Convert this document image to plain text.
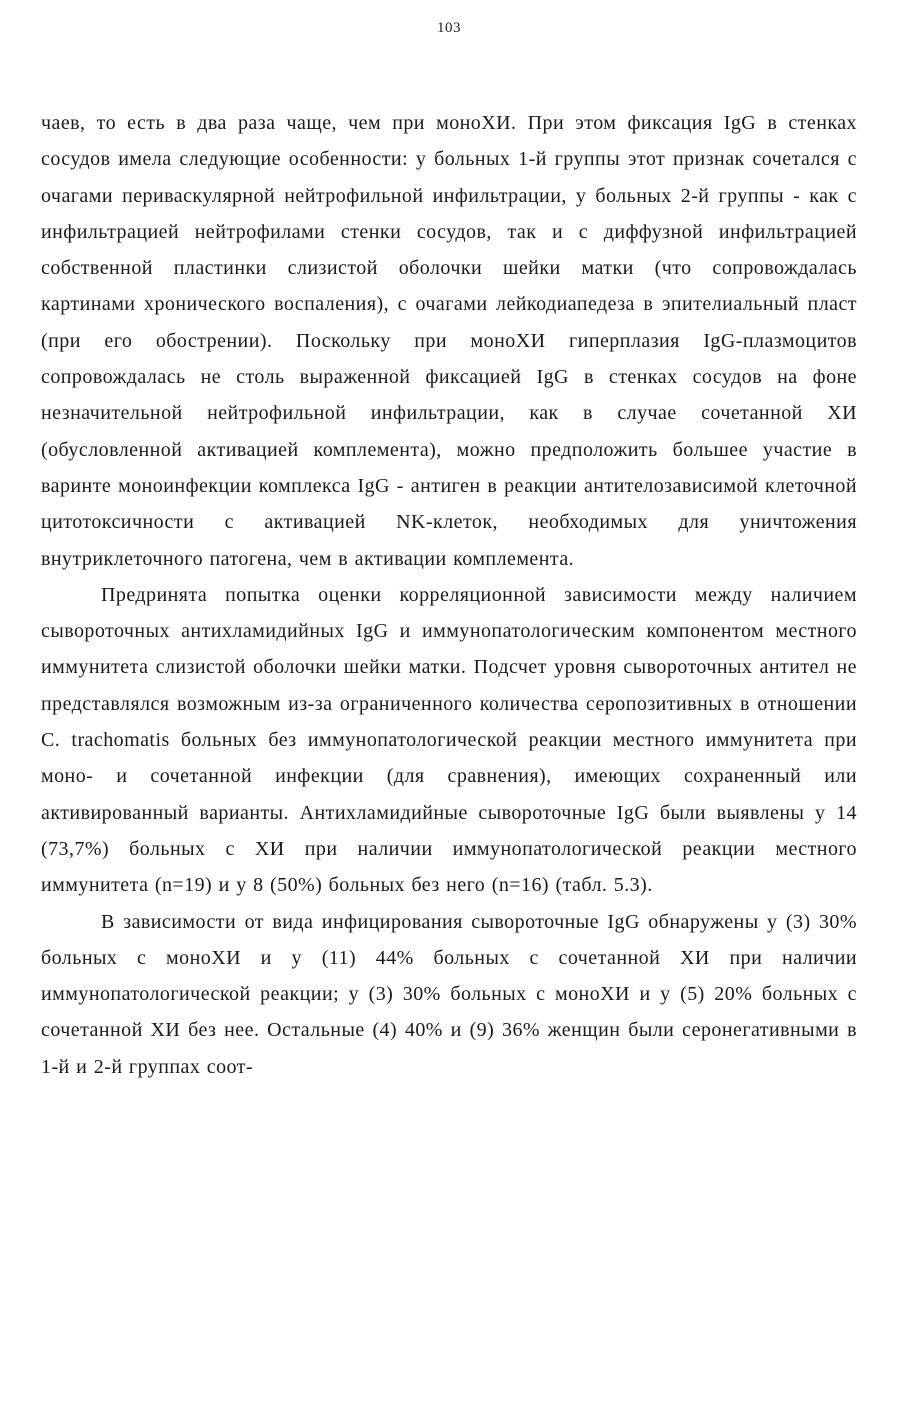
103

чаев, то есть в два раза чаще, чем при моноХИ. При этом фиксация IgG в стенках сосудов имела следующие особенности: у больных 1-й группы этот признак сочетался с очагами периваскулярной нейтрофильной инфильтрации, у больных 2-й группы - как с инфильтрацией нейтрофилами стенки сосудов, так и с диффузной инфильтрацией собственной пластинки слизистой оболочки шейки матки (что сопровождалась картинами хронического воспаления), с очагами лейкодиапедеза в эпителиальный пласт (при его обострении). Поскольку при моноХИ гиперплазия IgG-плазмоцитов сопровождалась не столь выраженной фиксацией IgG в стенках сосудов на фоне незначительной нейтрофильной инфильтрации, как в случае сочетанной ХИ (обусловленной активацией комплемента), можно предположить большее участие в варинте моноинфекции комплекса IgG - антиген в реакции антителозависимой клеточной цитотоксичности с активацией NK-клеток, необходимых для уничтожения внутриклеточного патогена, чем в активации комплемента.

Предринята попытка оценки корреляционной зависимости между наличием сывороточных антихламидийных IgG и иммунопатологическим компонентом местного иммунитета слизистой оболочки шейки матки. Подсчет уровня сывороточных антител не представлялся возможным из-за ограниченного количества серопозитивных в отношении C. trachomatis больных без иммунопатологической реакции местного иммунитета при моно- и сочетанной инфекции (для сравнения), имеющих сохраненный или активированный варианты. Антихламидийные сывороточные IgG были выявлены у 14 (73,7%) больных с ХИ при наличии иммунопатологической реакции местного иммунитета (n=19) и у 8 (50%) больных без него (n=16) (табл. 5.3).

В зависимости от вида инфицирования сывороточные IgG обнаружены у (3) 30% больных с моноХИ и у (11) 44% больных с сочетанной ХИ при наличии иммунопатологической реакции; у (3) 30% больных с моноХИ и у (5) 20% больных с сочетанной ХИ без нее. Остальные (4) 40% и (9) 36% женщин были серонегативными в 1-й и 2-й группах соот-
